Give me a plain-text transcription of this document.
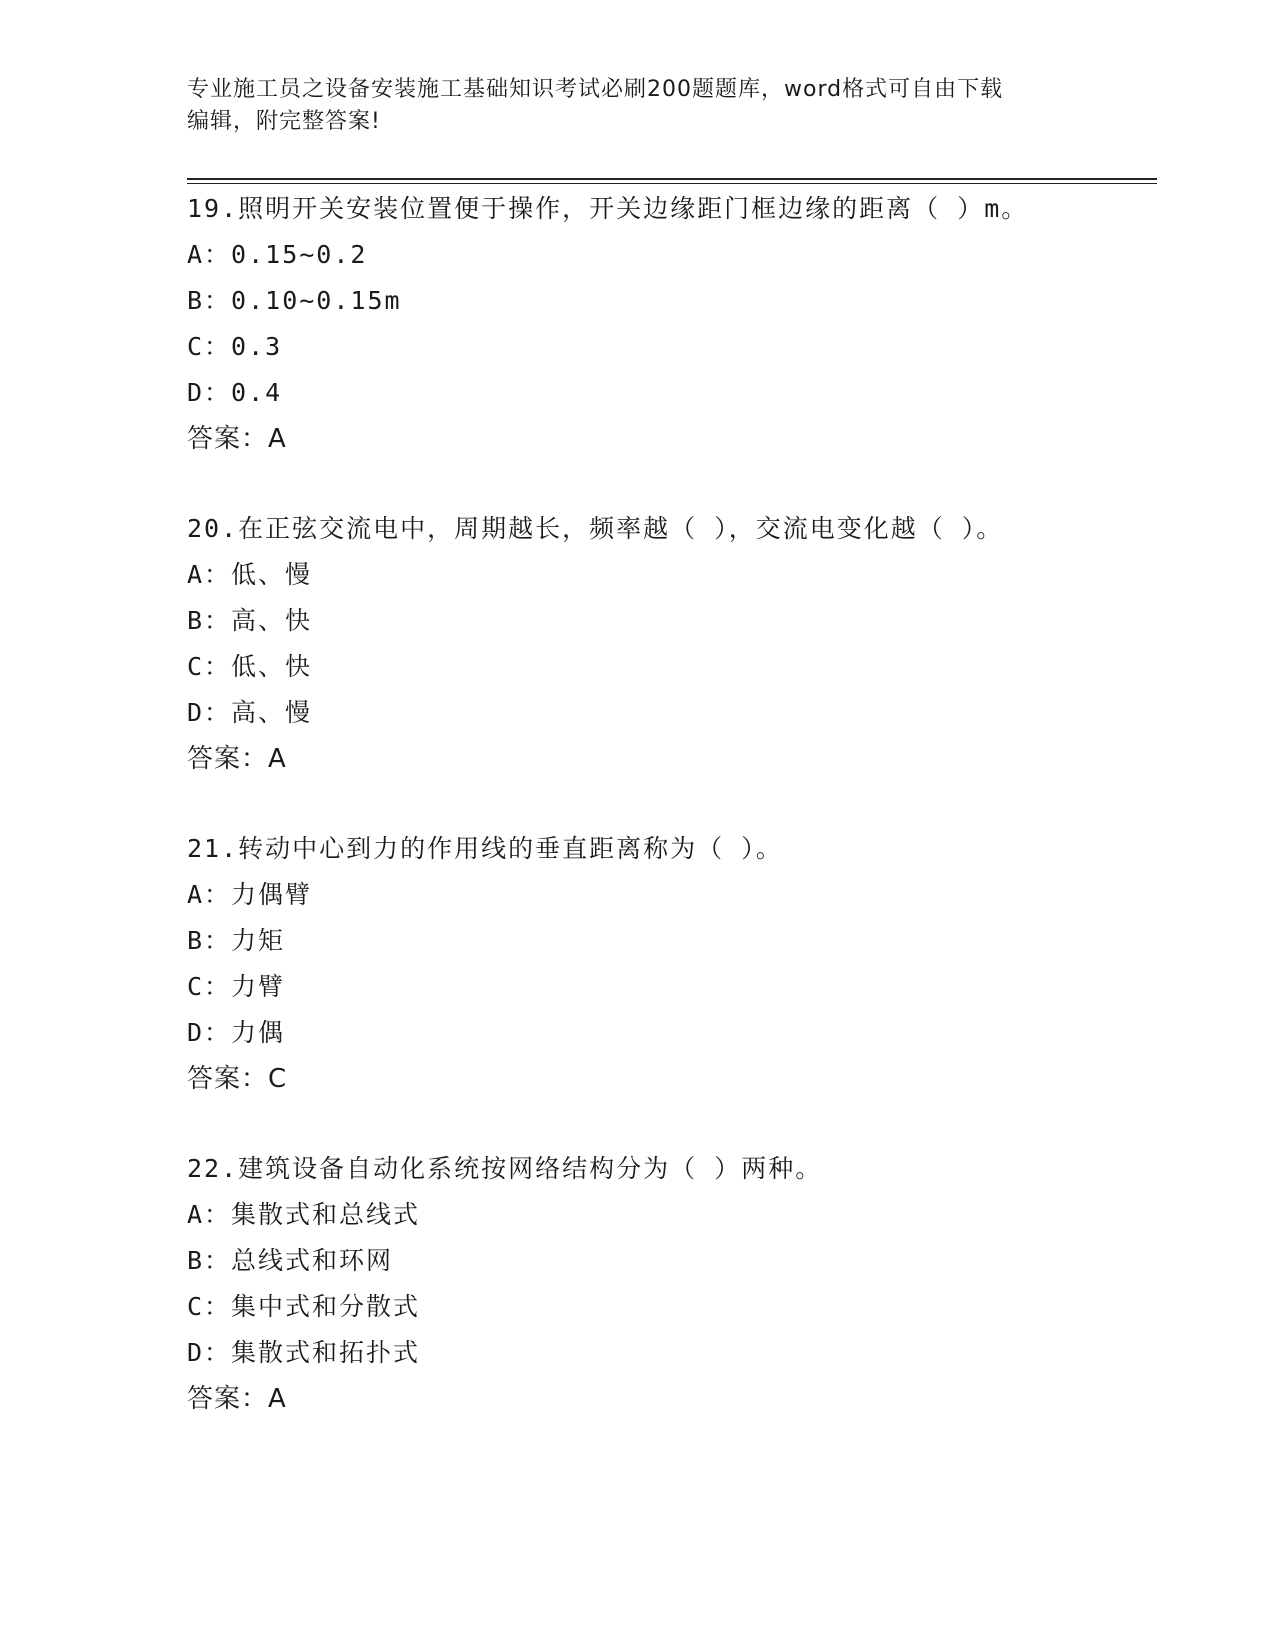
专业施工员之设备安装施工基础知识考试必刷200题题库，word格式可自由下载
编辑，附完整答案!
19.照明开关安装位置便于操作，开关边缘距门框边缘的距离（ ）m。
A：0.15~0.2
B：0.10~0.15m
C：0.3
D：0.4
答案：A
20.在正弦交流电中，周期越长，频率越（ ），交流电变化越（ ）。
A：低、慢
B：高、快
C：低、快
D：高、慢
答案：A
21.转动中心到力的作用线的垂直距离称为（ ）。
A：力偶臂
B：力矩
C：力臂
D：力偶
答案：C
22.建筑设备自动化系统按网络结构分为（ ）两种。
A：集散式和总线式
B：总线式和环网
C：集中式和分散式
D：集散式和拓扑式
答案：A
